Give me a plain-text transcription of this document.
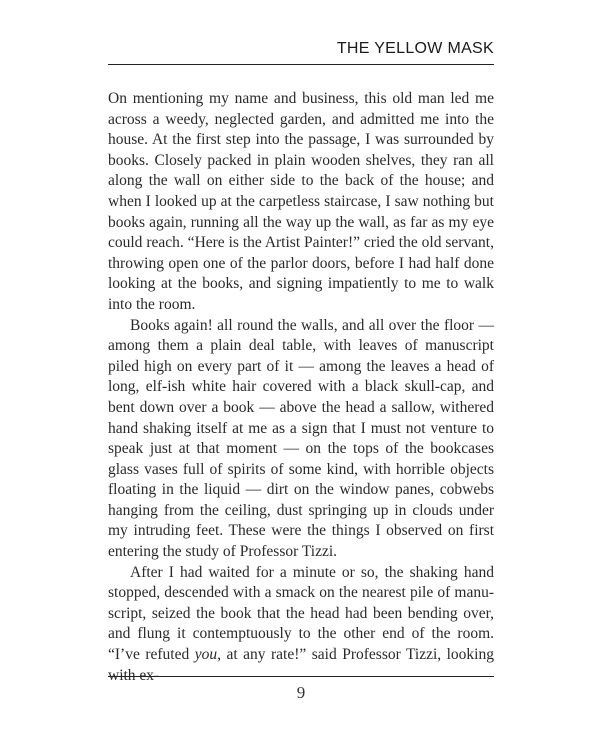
THE YELLOW MASK

On mentioning my name and business, this old man led me across a weedy, neglected garden, and admitted me into the house. At the first step into the passage, I was surrounded by books. Closely packed in plain wooden shelves, they ran all along the wall on either side to the back of the house; and when I looked up at the carpetless staircase, I saw nothing but books again, running all the way up the wall, as far as my eye could reach. “Here is the Artist Painter!” cried the old servant, throwing open one of the parlor doors, before I had half done looking at the books, and signing impatiently to me to walk into the room.

Books again! all round the walls, and all over the floor — among them a plain deal table, with leaves of manuscript piled high on every part of it — among the leaves a head of long, elf-ish white hair covered with a black skull-cap, and bent down over a book — above the head a sallow, withered hand shaking itself at me as a sign that I must not venture to speak just at that moment — on the tops of the bookcases glass vases full of spirits of some kind, with horrible objects floating in the liquid — dirt on the window panes, cobwebs hanging from the ceiling, dust springing up in clouds under my intruding feet. These were the things I observed on first entering the study of Professor Tizzi.

After I had waited for a minute or so, the shaking hand stopped, descended with a smack on the nearest pile of manu-script, seized the book that the head had been bending over, and flung it contemptuously to the other end of the room. “I’ve refuted you, at any rate!” said Professor Tizzi, looking with ex-

9
